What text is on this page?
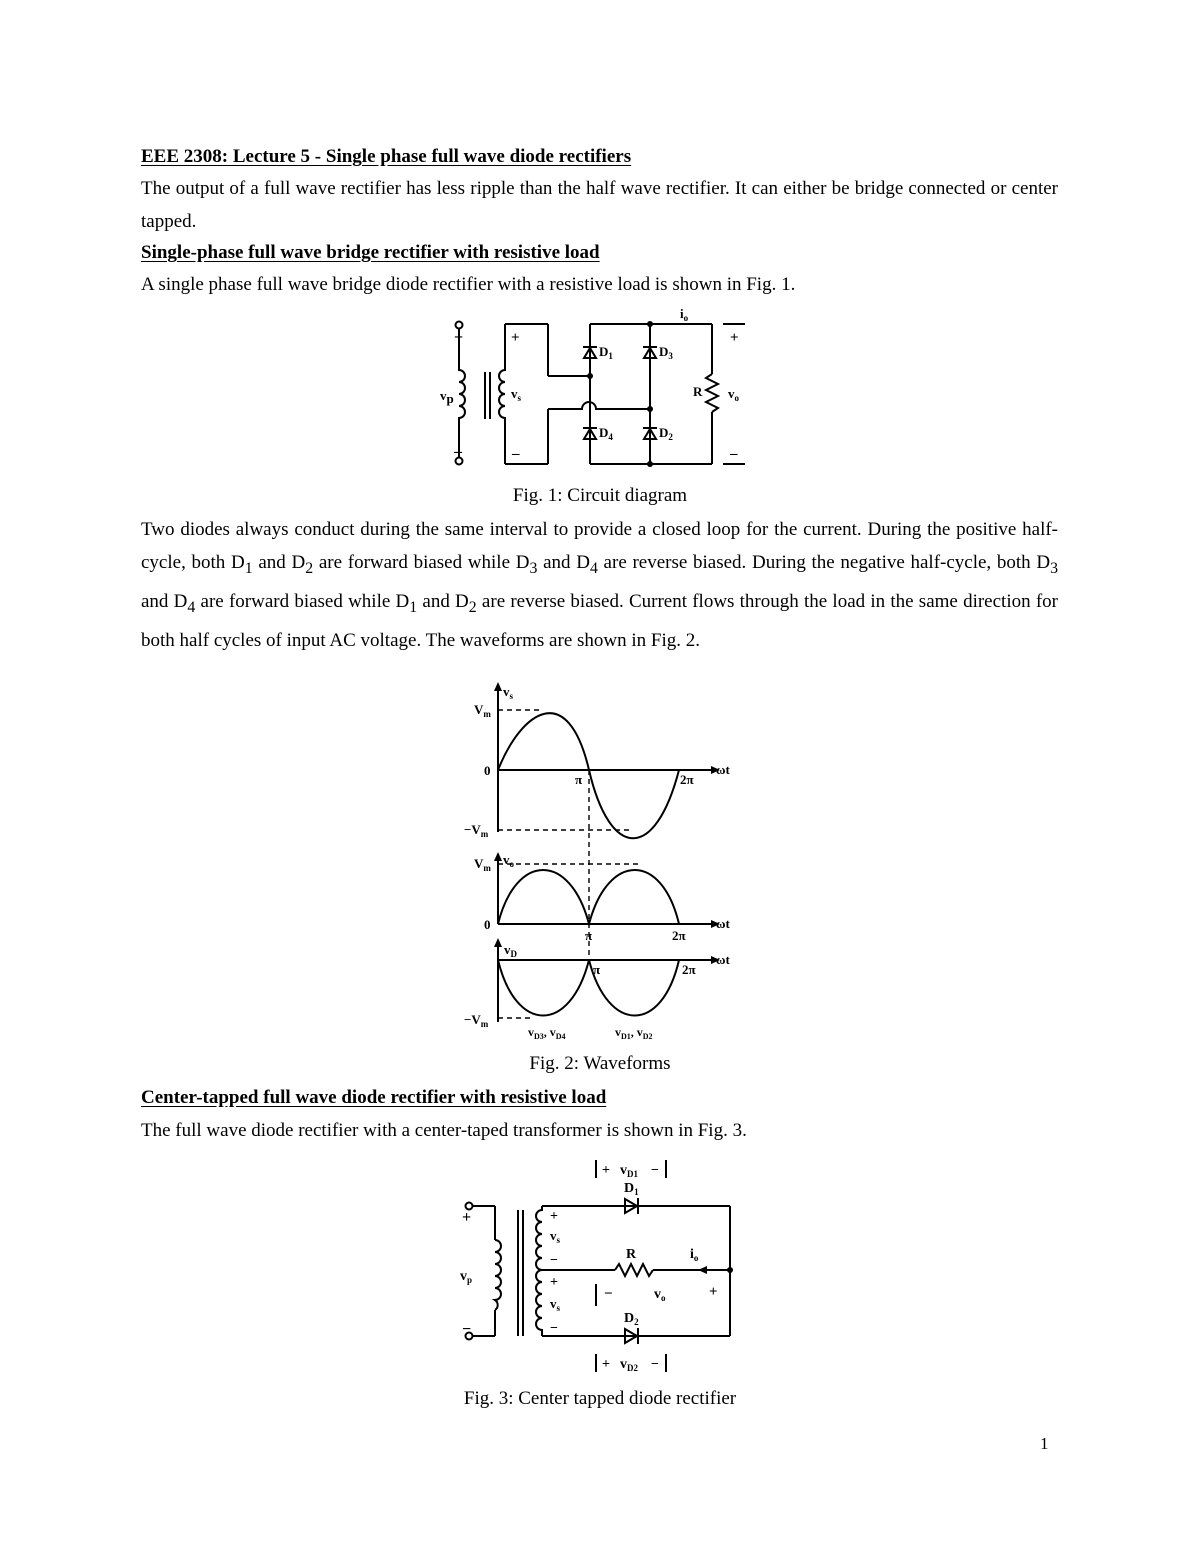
EEE 2308: Lecture 5 - Single phase full wave diode rectifiers
The output of a full wave rectifier has less ripple than the half wave rectifier. It can either be bridge connected or center tapped.
Single-phase full wave bridge rectifier with resistive load
A single phase full wave bridge diode rectifier with a resistive load is shown in Fig. 1.
+
–
vp	$v_s$
+
–
$D_1$	$D_3$
$D_4$	$D_2$
$i_o$
R $v_o$
+
–
Fig. 1: Circuit diagram
Two diodes always conduct during the same interval to provide a closed loop for the current. During the positive half-cycle, both $D_1$ and $D_2$ are forward biased while $D_3$ and $D_4$ are reverse biased. During the negative half-cycle, both $D_3$ and $D_4$ are forward biased while $D_1$ and $D_2$ are reverse biased. Current flows through the load in the same direction for both half cycles of input AC voltage. The waveforms are shown in Fig. 2.
$v_s$
$V_m$
0
π	2π
ωt
$-V_m$
$v_o$
$V_m$
0
π	2π
ωt
$v_D$
π	2π
ωt
$-V_m$
$v_{D3}$, $v_{D4}$	$v_{D1}$, $v_{D2}$
Fig. 2: Waveforms
Center-tapped full wave diode rectifier with resistive load
The full wave diode rectifier with a center-taped transformer is shown in Fig. 3.
+
−
$v_p$
+
$v_s$
−
+
$v_s$
−
+ $v_{D1}$ −
$D_1$
R	$i_o$
−	$v_o$	+
$D_2$
+ $v_{D2}$ −
Fig. 3: Center tapped diode rectifier
1
